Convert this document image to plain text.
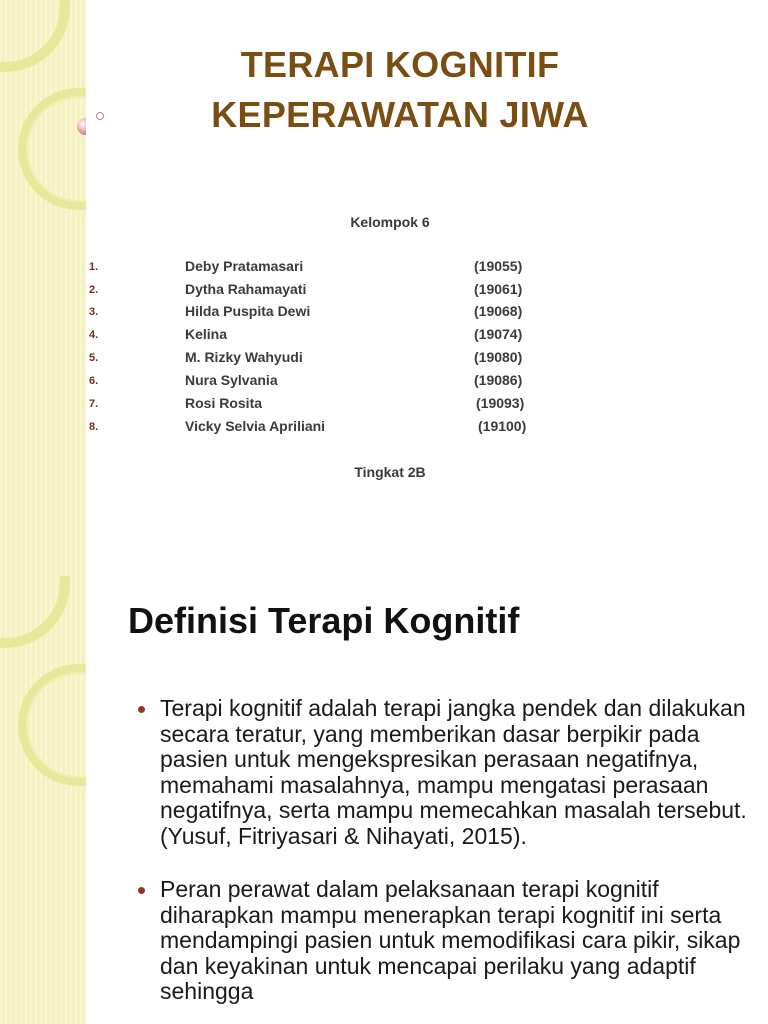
TERAPI KOGNITIF
KEPERAWATAN JIWA
Kelompok 6
1.	Deby Pratamasari	(19055)
2.	Dytha Rahamayati	(19061)
3.	Hilda Puspita Dewi	(19068)
4.	Kelina	(19074)
5.	M. Rizky Wahyudi	(19080)
6.	Nura Sylvania	(19086)
7.	Rosi Rosita	(19093)
8.	Vicky Selvia Apriliani	(19100)
Tingkat 2B
Definisi Terapi Kognitif
Terapi kognitif adalah terapi jangka pendek dan dilakukan secara teratur, yang memberikan dasar berpikir pada pasien untuk mengekspresikan perasaan negatifnya, memahami masalahnya, mampu mengatasi perasaan negatifnya, serta mampu memecahkan masalah tersebut. (Yusuf, Fitriyasari & Nihayati, 2015).
Peran perawat dalam pelaksanaan terapi kognitif diharapkan mampu menerapkan terapi kognitif ini serta mendampingi pasien untuk memodifikasi cara pikir, sikap dan keyakinan untuk mencapai perilaku yang adaptif sehingga
